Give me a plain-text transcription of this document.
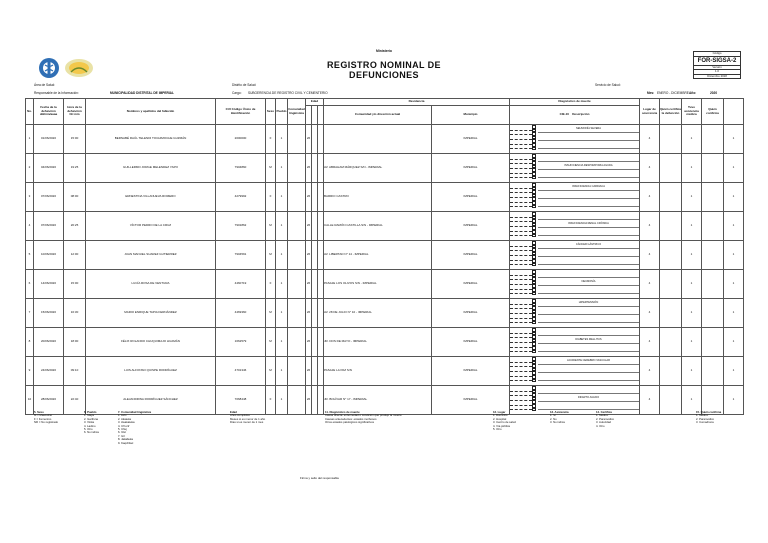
Ministerio
REGISTRO NOMINAL DE DEFUNCIONES
Código
FOR-SIGSA-2
Versión
1.0
Diciembre 2018
Área de Salud:	Distrito de Salud:	Servicio de Salud:
Responsable de la Información:	MUNICIPALIDAD DISTRITAL DE IMPERIAL	Cargo: SUBGERENCIA DE REGISTRO CIVIL Y CEMENTERIO	Mes: ENERO - DICIEMBRE Año:	2020
No.	Fecha de la defunción dd/mm/aaaa	Hora de la defunción hh:mm	Nombres y apellidos del fallecido	CUI Código Único de Identificación	Sexo	Pueblo	Comunidad lingüística	Edad			Residencia		Diagnóstico de muerte	Lugar de ocurrencia	Quién certifica la defunción	Tuvo asistencia médica	Quién confirma	
											Comunidad y/o dirección actual	Municipio	CIE-10 Descripción					
1	01/06/2020	15:00	BERNABÉ RAÚL TELENDI TOCHIMOCHE GUZMÁN	2000000	F	1		26				IMPERIAL	NEUMONÍA SEVERA	4		1		1
2	04/06/2020	19:25	GUILLERMO JORGE MELENDEZ YAPO	7904860	M	1		26			AV. ABRAHAM MÁRQUEZ S/N - IMPERIAL	IMPERIAL	INSUFICIENCIA RESPIRATORIA AGUDA	4		1		1
3	07/06/2020	08:00	ERNESTINA VILLANUEVA ROMERO	4279992	F	1		26			BARRIO CASTRO	IMPERIAL	INSUFICIENCIA CARDIACA	4		1		1
4	07/06/2020	20:25	VÍCTOR PEDRO DE LA CRUZ	7901862	M	1		26			CALLE RAMÓN CASTILLA S/N - IMPERIAL	IMPERIAL	INSUFICIENCIA RENAL CRÓNICA	4		1		1
5	10/06/2020	12:00	JUAN MANUEL SUAREZ GUTIERREZ	7904591	M	1		26			AV. LIBERTAD N° 14 - IMPERIAL	IMPERIAL	CÁNCER GÁSTRICO	4		1		1
6	14/06/2020	15:00	LUCÍA ROSA DE VENTURA	4460719	F	1		26			PASAJE LOS OLIVOS S/N - IMPERIAL	IMPERIAL	NEUMONÍA	4		1		1
7	15/06/2020	16:30	MARIO ENRIQUE TAPIA FERNÁNDEZ	4469360	M	1		26			AV. 28 DE JULIO N° 10 - IMPERIAL	IMPERIAL	HIPERTENSIÓN	4		1		1
8	20/06/2020	18:00	FÉLIX ROLANDO CHUQUIMAJO HUAMÁN	1662579	M	1		26			JR. DOS DE MAYO - IMPERIAL	IMPERIAL	DIABETES MELLITUS	4		1		1
9	24/06/2020	09:10	LUIS ALFONSO QUISPE RODRÍGUEZ	4701346	M	1		26			PASAJE LA PAZ S/N	IMPERIAL	ACCIDENTE CEREBRO VASCULAR	4		1		1
10	28/06/2020	22:40	ALEJANDRINA RODRÍGUEZ SÁNCHEZ	7068448	F	1		26			JR. BOLÍVAR N° 17 - IMPERIAL	IMPERIAL	INFARTO AGUDO	4		1		1
5. Sexo
M = Masculino
F = Femenino
NR = No registrado
6. Pueblo
1. Maya
2. Garífuna
3. Xinka
4. Ladino
5. Otro
6. No indica
7. Comunidad lingüística
1. Achi
2. Akateka
3. Awakateka
4. Ch'orti'
5. Chuj
6. Itza'
7. Ixil
8. Jakalteka
9. Kaqchikel
Edad
Años cumplidos
Meses si es menor de 1 año
Días si es menor de 1 mes
11. Diagnóstico de muerte
Causa directa: enfermedad o condición que produjo la muerte
Causas antecedentes: estados morbosos
Otros estados patológicos significativos
12. Lugar
1. Domicilio
2. Hospital
3. Centro de salud
4. Vía pública
5. Otro
13. Asistencia
1. Sí
2. No
3. No indica
14. Certifica
1. Médico
2. Paramédico
3. Autoridad
4. Otro
15. Quién confirma
1. Médico
2. Paramédico
3. Comadrona
Firma y sello del responsable
